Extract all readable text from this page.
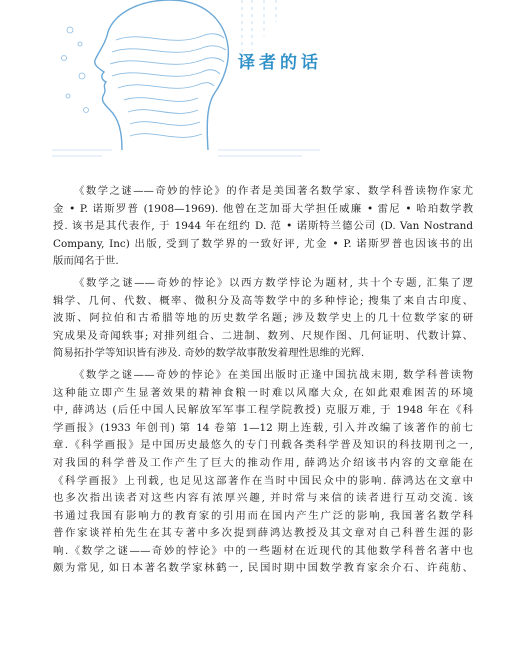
译者的话
《数学之谜——奇妙的悖论》的作者是美国著名数学家、数学科普读物作家尤
金 • P. 诺斯罗普 (1908—1969). 他曾在芝加哥大学担任威廉 • 雷尼 • 哈珀数学教
授. 该书是其代表作, 于 1944 年在纽约 D. 范 • 诺斯特兰德公司 (D. Van Nostrand
Company, Inc) 出版, 受到了数学界的一致好评, 尤金 • P. 诺斯罗普也因该书的出
版而闻名于世.
《数学之谜——奇妙的悖论》以西方数学悖论为题材, 共十个专题, 汇集了逻
辑学、几何、代数、概率、微积分及高等数学中的多种悖论; 搜集了来自古印度、
波斯、阿拉伯和古希腊等地的历史数学名题; 涉及数学史上的几十位数学家的研
究成果及奇闻轶事; 对排列组合、二进制、数列、尺规作图、几何证明、代数计算、
简易拓扑学等知识皆有涉及. 奇妙的数学故事散发着理性思维的光辉.
《数学之谜——奇妙的悖论》在美国出版时正逢中国抗战末期, 数学科普读物
这种能立即产生显著效果的精神食粮一时难以风靡大众, 在如此艰难困苦的环境
中, 薛鸿达 (后任中国人民解放军军事工程学院教授) 克服万难, 于 1948 年在《科
学画报》(1933 年创刊) 第 14 卷第 1—12 期上连载, 引入并改编了该著作的前七
章.《科学画报》是中国历史最悠久的专门刊载各类科学普及知识的科技期刊之一,
对我国的科学普及工作产生了巨大的推动作用, 薛鸿达介绍该书内容的文章能在
《科学画报》上刊载, 也足见这部著作在当时中国民众中的影响. 薛鸿达在文章中
也多次指出读者对这些内容有浓厚兴趣, 并时常与来信的读者进行互动交流. 该
书通过我国有影响力的教育家的引用而在国内产生广泛的影响, 我国著名数学科
普作家谈祥柏先生在其专著中多次提到薛鸿达教授及其文章对自己科普生涯的影
响.《数学之谜——奇妙的悖论》中的一些题材在近现代的其他数学科普名著中也
颇为常见, 如日本著名数学家林鹤一, 民国时期中国数学教育家余介石、许莼舫、
